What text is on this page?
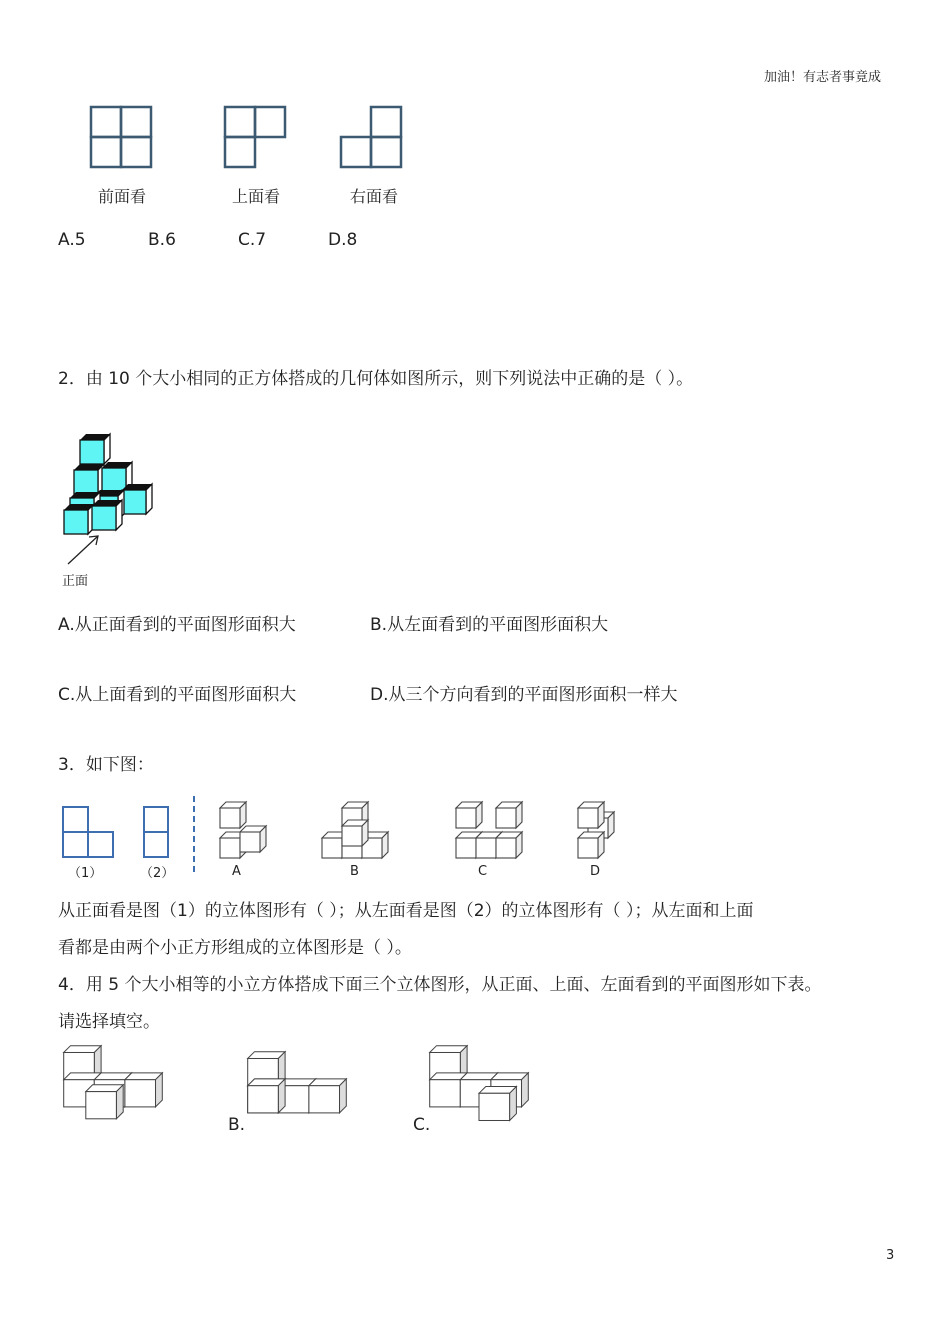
加油！有志者事竟成
前面看	上面看	右面看
A.5	B.6	C.7	D.8
2．由 10 个大小相同的正方体搭成的几何体如图所示，则下列说法中正确的是（ ）。
正面
A.从正面看到的平面图形面积大	B.从左面看到的平面图形面积大
C.从上面看到的平面图形面积大	D.从三个方向看到的平面图形面积一样大
3．如下图：
（1）	（2）	A	B	C	D
从正面看是图（1）的立体图形有（ ）；从左面看是图（2）的立体图形有（ ）；从左面和上面
看都是由两个小正方形组成的立体图形是（ ）。
4．用 5 个大小相等的小立方体搭成下面三个立体图形，从正面、上面、左面看到的平面图形如下表。
请选择填空。
B.	C.
3
